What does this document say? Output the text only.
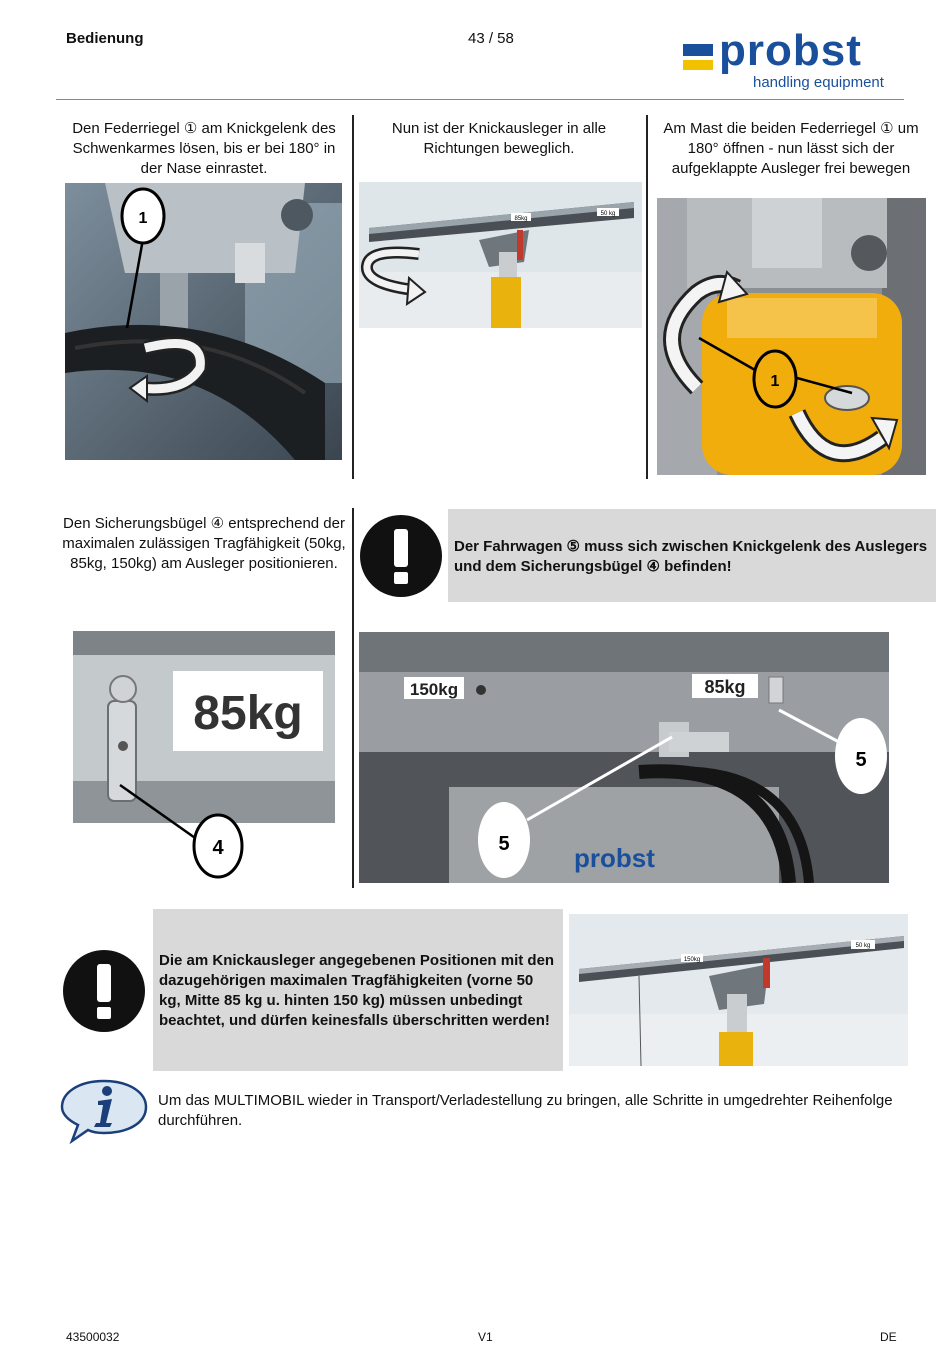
Bedienung	43 / 58	probst
handling equipment
Den Federriegel ① am Knickgelenk des Schwenkarmes lösen, bis er bei 180° in der Nase einrastet.
Nun ist der Knickausleger in alle Richtungen beweglich.
Am Mast die beiden Federriegel ① um 180° öffnen - nun lässt sich der aufgeklappte Ausleger frei bewegen
Den Sicherungsbügel ④ entsprechend der maximalen zulässigen Tragfähigkeit (50kg, 85kg, 150kg) am Ausleger positionieren.
1	85kg
50 kg
1
Der Fahrwagen ⑤ muss sich zwischen Knickgelenk des Auslegers und dem Sicherungsbügel ④ befinden!
85kg
4
150kg	85kg
probst
5
5
Die am Knickausleger angegebenen Positionen mit den dazugehörigen maximalen Tragfähigkeiten (vorne 50 kg, Mitte 85 kg u. hinten 150 kg) müssen unbedingt beachtet, und dürfen keinesfalls überschritten werden!
150kg
50 kg
Um das MULTIMOBIL wieder in Transport/Verladestellung zu bringen, alle Schritte in umgedrehter Reihenfolge durchführen.
43500032	V1	DE
